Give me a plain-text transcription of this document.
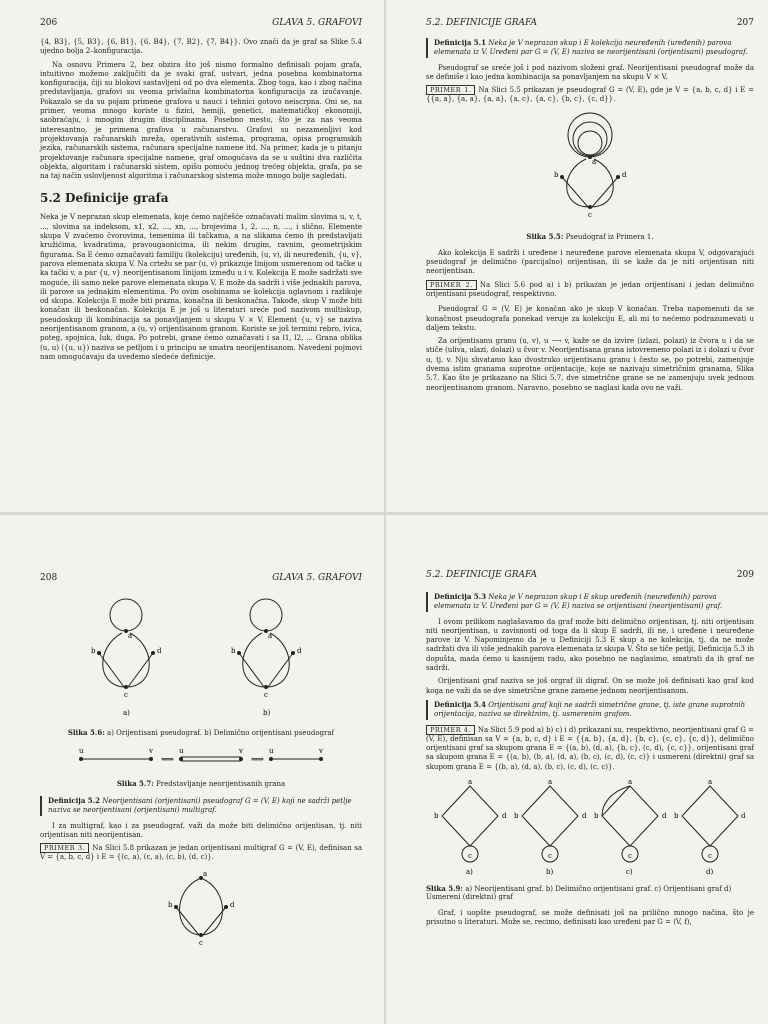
206	GLAVA 5. GRAFOVI

{4, B3}, {5, B3}, {6, B1}, {6, B4}, {7, B2}, {7, B4}}. Ovo znači da je graf sa Slike 5.4 ujedno bolja 2–konfiguracija.

Na osnovu Primera 2, bez obzira što još nismo formalno definisali pojam grafa, intuitivno možemo zaključiti da je svaki graf, ustvari, jedna posebna kombinatorna konfiguracija, čiji su blokovi sastavljeni od po dva elementa. Zbog toga, kao i zbog načina predstavljanja, grafovi su veoma privlačna kombinatorna konfiguracija za izučavanje. Pokazalo se da su pojam primene grafova u nauci i tehnici gotovo neiscrpna. Oni se, na primer, veoma mnogo koriste u fizici, hemiji, genetici, matematičkoj ekonomiji, saobraćaju, i mnogim drugim disciplinama. Posebno mesto, što je za nas veoma interesantno, je primena grafova u računarstvu. Grafovi su nezamenljivi kod projektovanja računarskih mreža, operativnih sistema, programa, opisa programskih jezika, računarskih sistema, računara specijalne namene itd. Na primer, kada je u pitanju projektovanje računara specijalne namene, graf omogućava da se u suštini dva različita objekta, algoritam i računarski sistem, opišu pomoću jednog trećeg objekta, grafa, pa se na taj način uslovljenost algoritma i računarskog sistema može mnogo bolje sagledati.

5.2 Definicije grafa

Neka je V neprazan skup elemenata, koje ćemo najčešće označavati malim slovima u, v, t, ..., slovima sa indeksom, x1, x2, ..., xn, ..., brojevima 1, 2, ..., n, ..., i slično. Elemente skupa V zvaćemo čvorovima, temenima ili tačkama, a na slikama ćemo ih predstavljati kružićima, kvadratima, pravougaonicima, ili nekim drugim, ravnim, geometrijskim figurama. Sa E ćemo označavati familiju (kolekciju) uređenih, (u, v), ili neuređenih, {u, v}, parova elemenata skupa V. Na crtežu se par (u, v) prikazuje linijom usmerenom od tačke u ka tački v, a par {u, v} neorijentisanom linijom između u i v. Kolekcija E može sadržati sve moguće, ili samo neke parove elemenata skupa V. E može da sadrži i više jednakih parova, ili parove sa jednakim elementima. Po ovim osobinama se kolekcija uglavnom i razlikuje od skupa. Kolekcija E može biti prazna, konačna ili beskonačna. Takođe, skup V može biti konačan ili beskonačan. Kolekcija E je još u literaturi sreće pod nazivom multiskup, pseudoskup ili kombinacija sa ponavljanjem u skupu V × V. Element {u, v} se naziva neorijentisanom granom, a (u, v) orijentisanom granom. Koriste se još termini rebro, ivica, poteg, spojnica, luk, duga. Po potrebi, grane ćemo označavati i sa l1, l2, ... Grana oblika (u, u) ({u, u}) naziva se petljom i u principu se smatra neorijentisanom. Navedeni pojmovi nam omogućavaju da uvedemo sledeće definicije.

5.2. DEFINICIJE GRAFA	207
Definicija 5.1 Neka je V neprazan skup i E kolekcija neuređenih (uređenih) parova elemenata iz V. Uređeni par G = (V, E) naziva se neorijentisani (orijentisani) pseudograf.

Pseudograf se sreće još i pod nazivom složeni graf. Neorijentisani pseudograf može da se definiše i kao jedna kombinacija sa ponavljanjem na skupu V × V.

PRIMER 1. Na Slici 5.5 prikazan je pseudograf G = (V, E), gde je V = {a, b, c, d} i E = {{a, a}, {a, a}, {a, a}, {a, c}, {a, c}, {b, c}, {c, d}}.
a
b
c
d
Slika 5.5: Pseudograf iz Primera 1.

Ako kolekcija E sadrži i uređene i neuređene parove elemenata skupa V, odgovarajući pseudograf je delimično (parcijalno) orijentisan, ili se kaže da je niti orijentisan niti neorijentisan.

PRIMER 2. Na Slici 5.6 pod a) i b) prikazan je jedan orijentisani i jedan delimično orijentisani pseudograf, respektivno.

Pseudograf G = (V, E) je konačan ako je skup V konačan. Treba napomenuti da se konačnost pseudografa ponekad veruje za kolekciju E, ali mi to nećemo podrazumevati u daljem tekstu.

Za orijentisanu granu (u, v), u ⟶ v, kaže se da izvire (izlazi, polazi) iz čvora u i da se stiče (uliva, ulazi, dolazi) u čvor v. Neorijentisana grana istovremeno polazi iz i dolazi u čvor u, tj. v. Nju shvatamo kao dvostruko orijentisanu granu i često se, po potrebi, zamenjuje dvema istim granama suprotne orijentacije, koje se nazivaju simetričnim granama, Slika 5.7. Kao što je prikazano na Slici 5.7, dve simetrične grane se ne zamenjuju uvek jednom neorijentisanom granom. Naravno, posebno se naglasi kada ovo ne važi.

208	GLAVA 5. GRAFOVI
a
b
c
d
a)
a
b
c
d
b)
Slika 5.6: a) Orijentisani pseudograf. b) Delimično orijentisani pseudograf
u	v
⟺
u	v
⟹
u	v
Slika 5.7: Predstavljanje neorijentisanih grana
Definicija 5.2 Neorijentisani (orijentisani) pseudograf G = (V, E) koji ne sadrži petlje naziva se neorijentisani (orijentisani) multigraf.

I za multigraf, kao i za pseudograf, važi da može biti delimično orijentisan, tj. niti orijentisan niti neorijentisan.

PRIMER 3. Na Slici 5.8 prikazan je jedan orijentisani multigraf G = (V, E), definisan sa V = {a, b, c, d} i E = {(c, a), (c, a), (c, b), (d, c)}.
a
b
c
d
5.2. DEFINICIJE GRAFA	209
Definicija 5.3 Neka je V neprazan skup i E skup uređenih (neuređenih) parova elemenata iz V. Uređeni par G = (V, E) naziva se orijentisani (neorijentisani) graf.

I ovom prilikom naglašavamo da graf može biti delimično orijentisan, tj. niti orijentisan niti neorijentisan, u zavisnosti od toga da li skup E sadrži, ili ne, i uređene i neuređene parove iz V. Napominjemo da je u Definiciji 5.3 E skup a ne kolekcija, tj. da ne može sadržati dva ili više jednakih parova elemenata iz skupa V. Što se tiče petlji, Definicija 5.3 ih dopušta, mada ćemo u kasnijem radu, ako posebno ne naglasimo, smatrati da ih graf ne sadrži.

Orijentisani graf naziva se još orgraf ili digraf. On se može još definisati kao graf kod koga ne važi da se dve simetrične grane zamene jednom neorijentisanom.

Definicija 5.4 Orijentisani graf koji ne sadrži simetrične grane, tj. iste grane suprotnih orijentacija, naziva se direktnim, tj. usmerenim grafom.
PRIMER 4. Na Slici 5.9 pod a) b) c) i d) prikazani su, respektivno, neorijentisani graf G = (V, E), definisan sa V = {a, b, c, d} i E = {{a, b}, {a, d}, {b, c}, {c, c}, {c, d}}, delimično orijentisani graf sa skupom grana E = {(a, b), (d, a), {b, c}, (c, d), {c, c}}, orijentisani graf sa skupom grana E = {(a, b), (b, a), (d, a), (b, c), (c, d), (c, c)} i usmereni (direktni) graf sa skupom grana E = {(b, a), (d, a), (b, c), (c, d), (c, c)}.
a
b
c
d
a)
a
b
c
d
b)
a
b
c
d
c)
a
b
c
d
d)
Slika 5.9: a) Neorijentisani graf. b) Delimično orijentisani graf. c) Orijentisani graf d) Usmereni (direktni) graf

Graf, i uopšte pseudograf, se može definisati još na prilično mnogo načina, što je prisutno u literaturi. Može se, recimo, definisati kao uređeni par G = (V, f),
